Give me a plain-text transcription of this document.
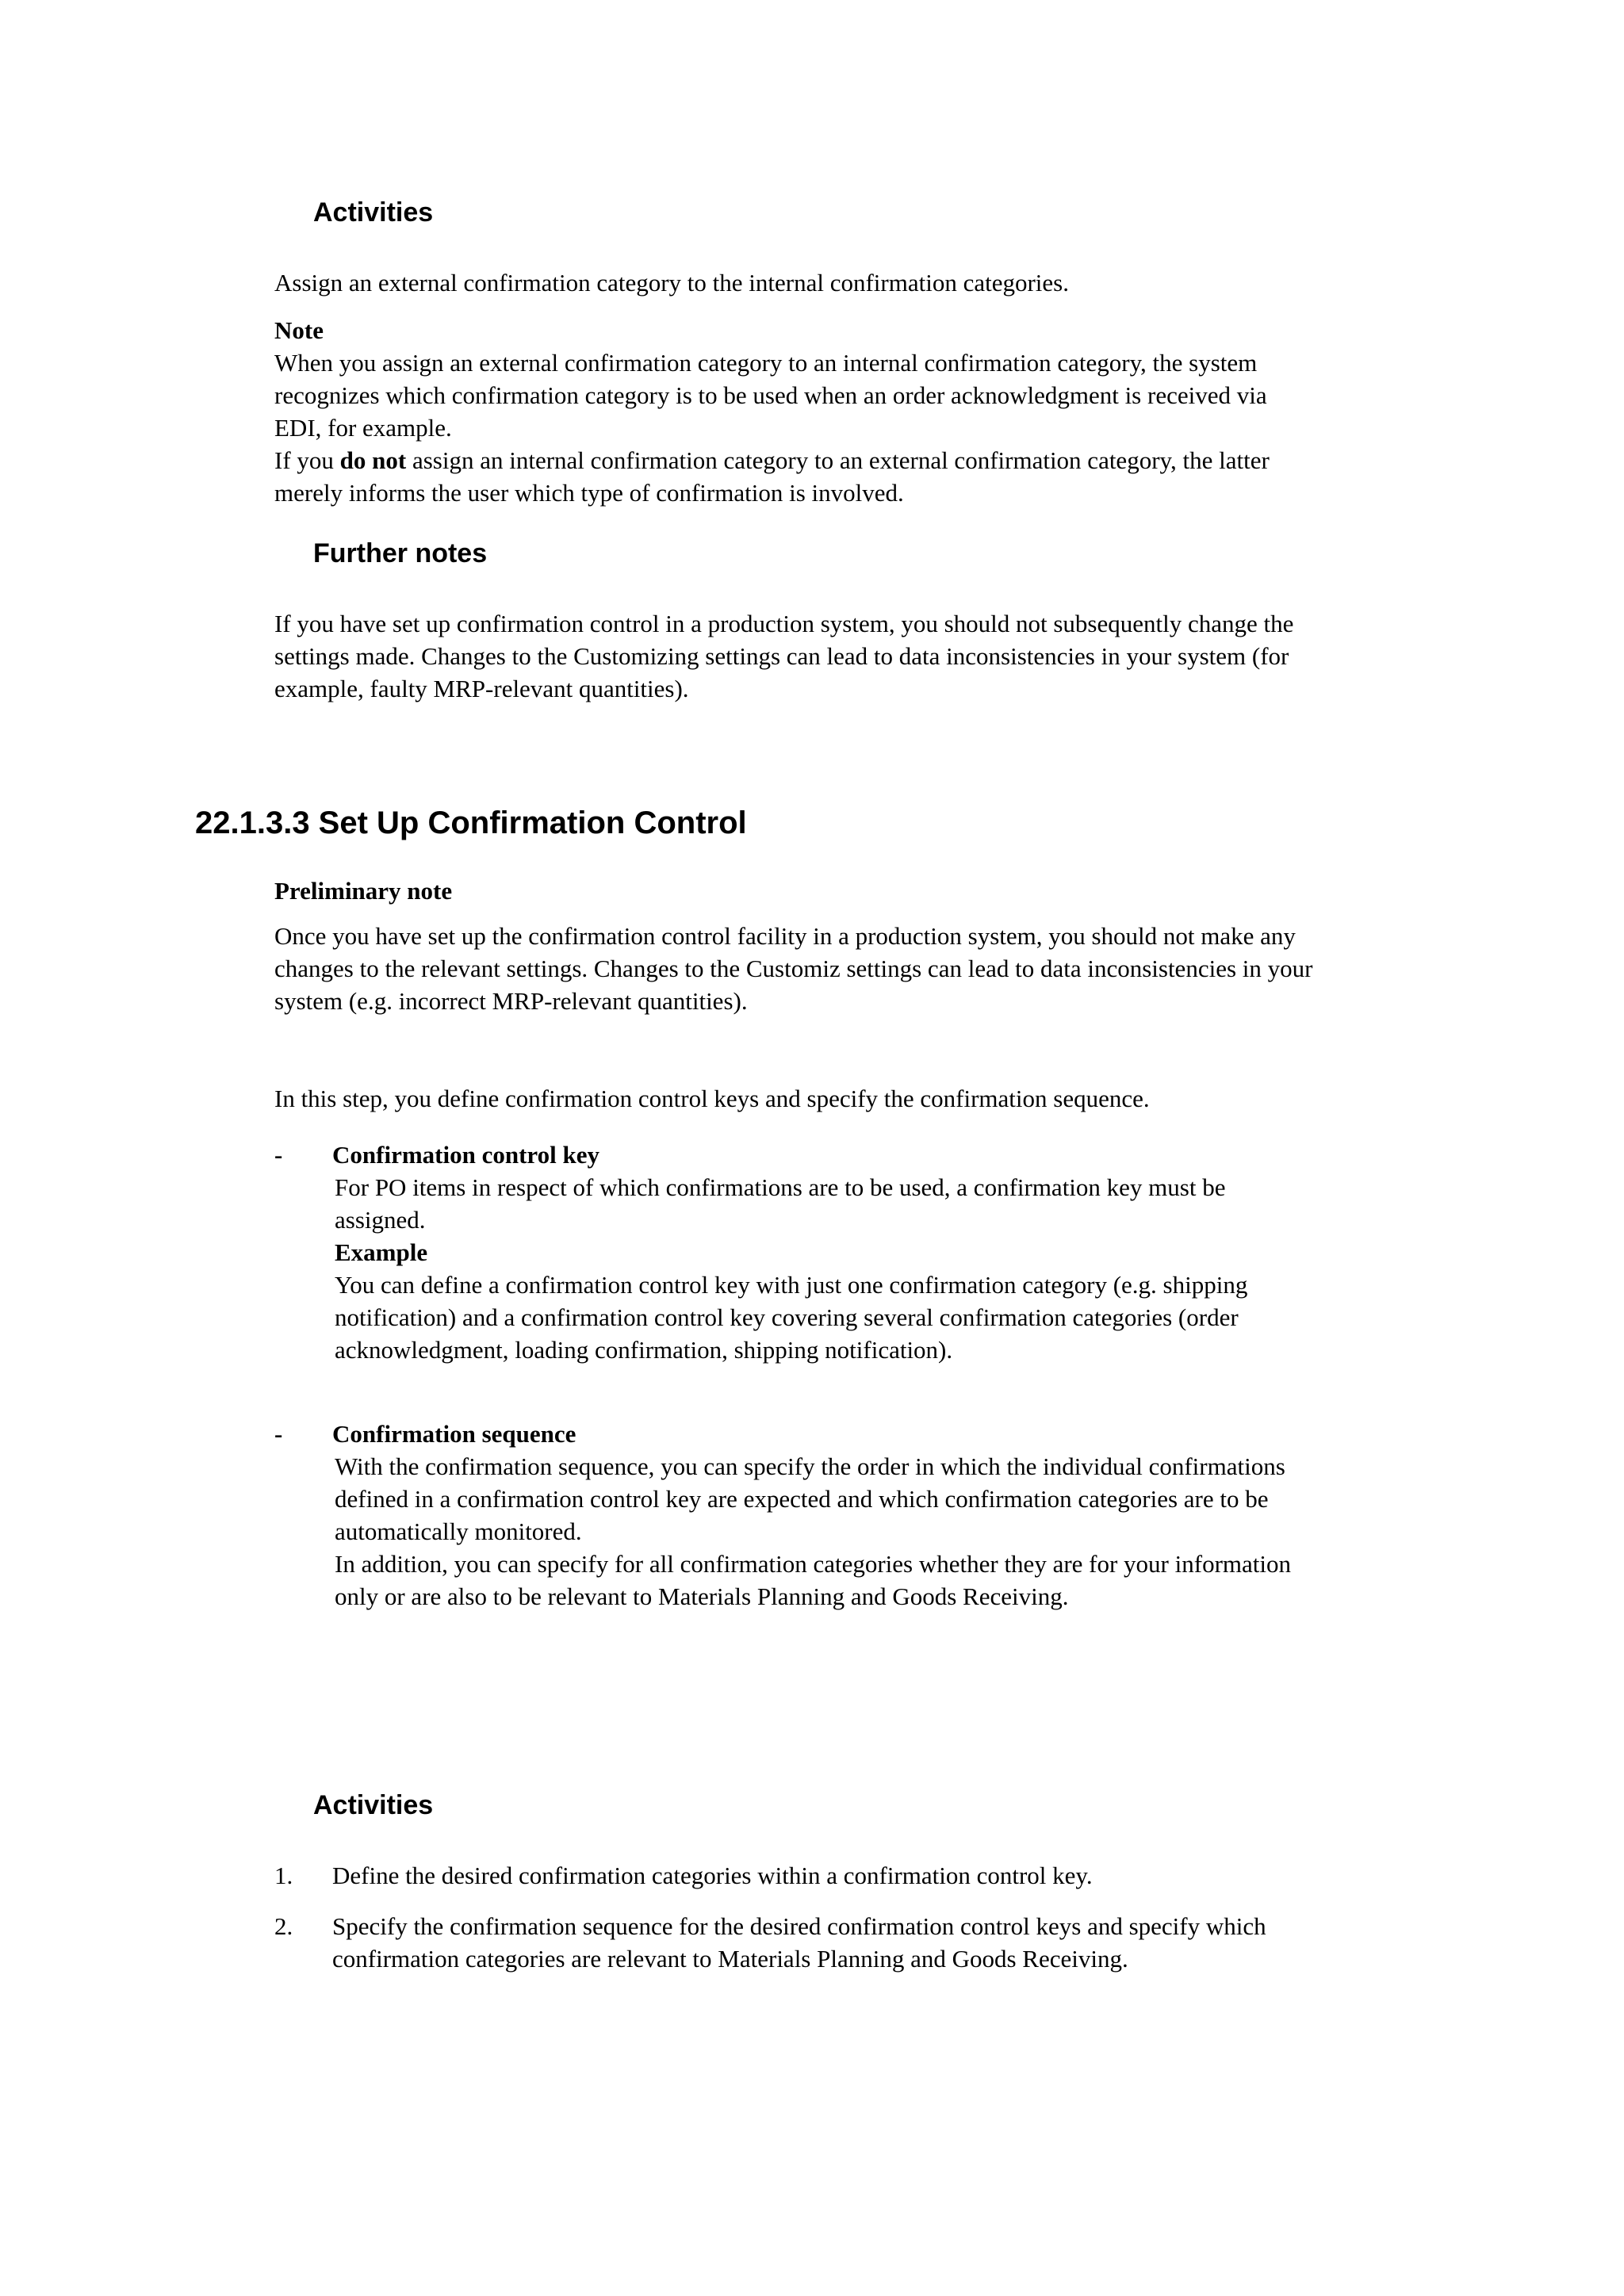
Activities

Assign an external confirmation category to the internal confirmation categories.

Note

When you assign an external confirmation category to an internal confirmation category, the system

recognizes which confirmation category is to be used when an order acknowledgment is received via

EDI, for example.

If you do not assign an internal confirmation category to an external confirmation category, the latter

merely informs the user which type of confirmation is involved.

Further notes

If you have set up confirmation control in a production system, you should not subsequently change the

settings made. Changes to the Customizing settings can lead to data inconsistencies in your system (for

example, faulty MRP-relevant quantities).

22.1.3.3 Set Up Confirmation Control

Preliminary note

Once you have set up the confirmation control facility in a production system, you should not make any

changes to the relevant settings. Changes to the Customiz settings can lead to data inconsistencies in your

system (e.g. incorrect MRP-relevant quantities).

In this step, you define confirmation control keys and specify the confirmation sequence.

- Confirmation control key

For PO items in respect of which confirmations are to be used, a confirmation key must be

assigned.

Example

You can define a confirmation control key with just one confirmation category (e.g. shipping

notification) and a confirmation control key covering several confirmation categories (order

acknowledgment, loading confirmation, shipping notification).

- Confirmation sequence

With the confirmation sequence, you can specify the order in which the individual confirmations

defined in a confirmation control key are expected and which confirmation categories are to be

automatically monitored.

In addition, you can specify for all confirmation categories whether they are for your information

only or are also to be relevant to Materials Planning and Goods Receiving.

Activities
1. Define the desired confirmation categories within a confirmation control key.

2. Specify the confirmation sequence for the desired confirmation control keys and specify which

confirmation categories are relevant to Materials Planning and Goods Receiving.
